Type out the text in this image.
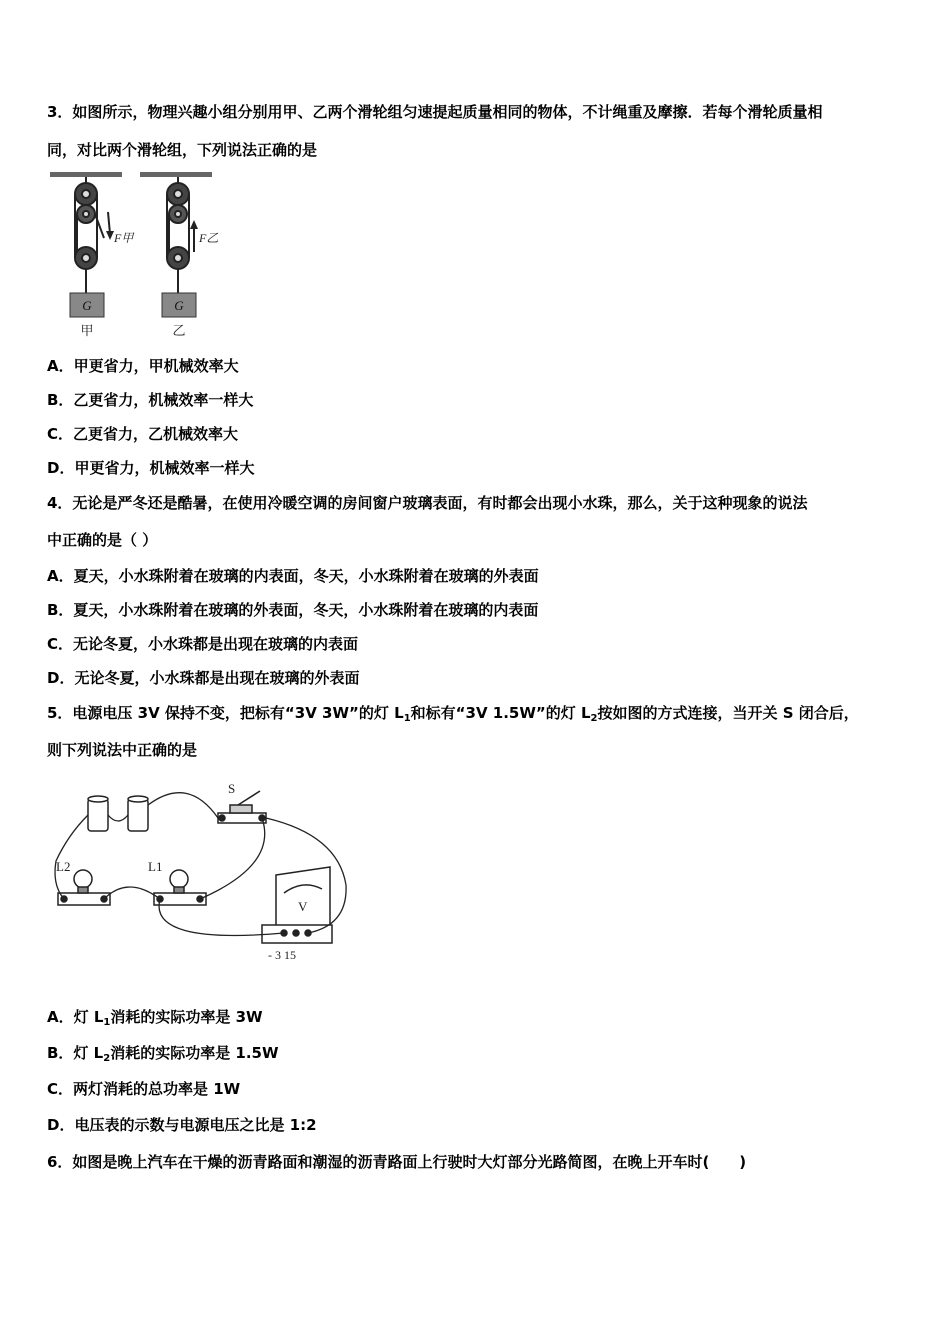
3．如图所示，物理兴趣小组分别用甲、乙两个滑轮组匀速提起质量相同的物体，不计绳重及摩擦．若每个滑轮质量相
同，对比两个滑轮组，下列说法正确的是
F甲
G
甲
F乙
G
乙
A．甲更省力，甲机械效率大
B．乙更省力，机械效率一样大
C．乙更省力，乙机械效率大
D．甲更省力，机械效率一样大
4．无论是严冬还是酷暑，在使用冷暖空调的房间窗户玻璃表面，有时都会出现小水珠，那么，关于这种现象的说法
中正确的是（ ）
A．夏天，小水珠附着在玻璃的内表面，冬天，小水珠附着在玻璃的外表面
B．夏天，小水珠附着在玻璃的外表面，冬天，小水珠附着在玻璃的内表面
C．无论冬夏，小水珠都是出现在玻璃的内表面
D．无论冬夏，小水珠都是出现在玻璃的外表面
5．电源电压 3V 保持不变，把标有“3V 3W”的灯 $L_1$和标有“3V 1.5W”的灯 $L_2$按如图的方式连接，当开关 S 闭合后，
则下列说法中正确的是
S
L2	L1
V
- 3 15
A．灯 $L_1$消耗的实际功率是 3W
B．灯 $L_2$消耗的实际功率是 1.5W
C．两灯消耗的总功率是 1W
D．电压表的示数与电源电压之比是 1:2
6．如图是晚上汽车在干燥的沥青路面和潮湿的沥青路面上行驶时大灯部分光路简图，在晚上开车时(　　)
